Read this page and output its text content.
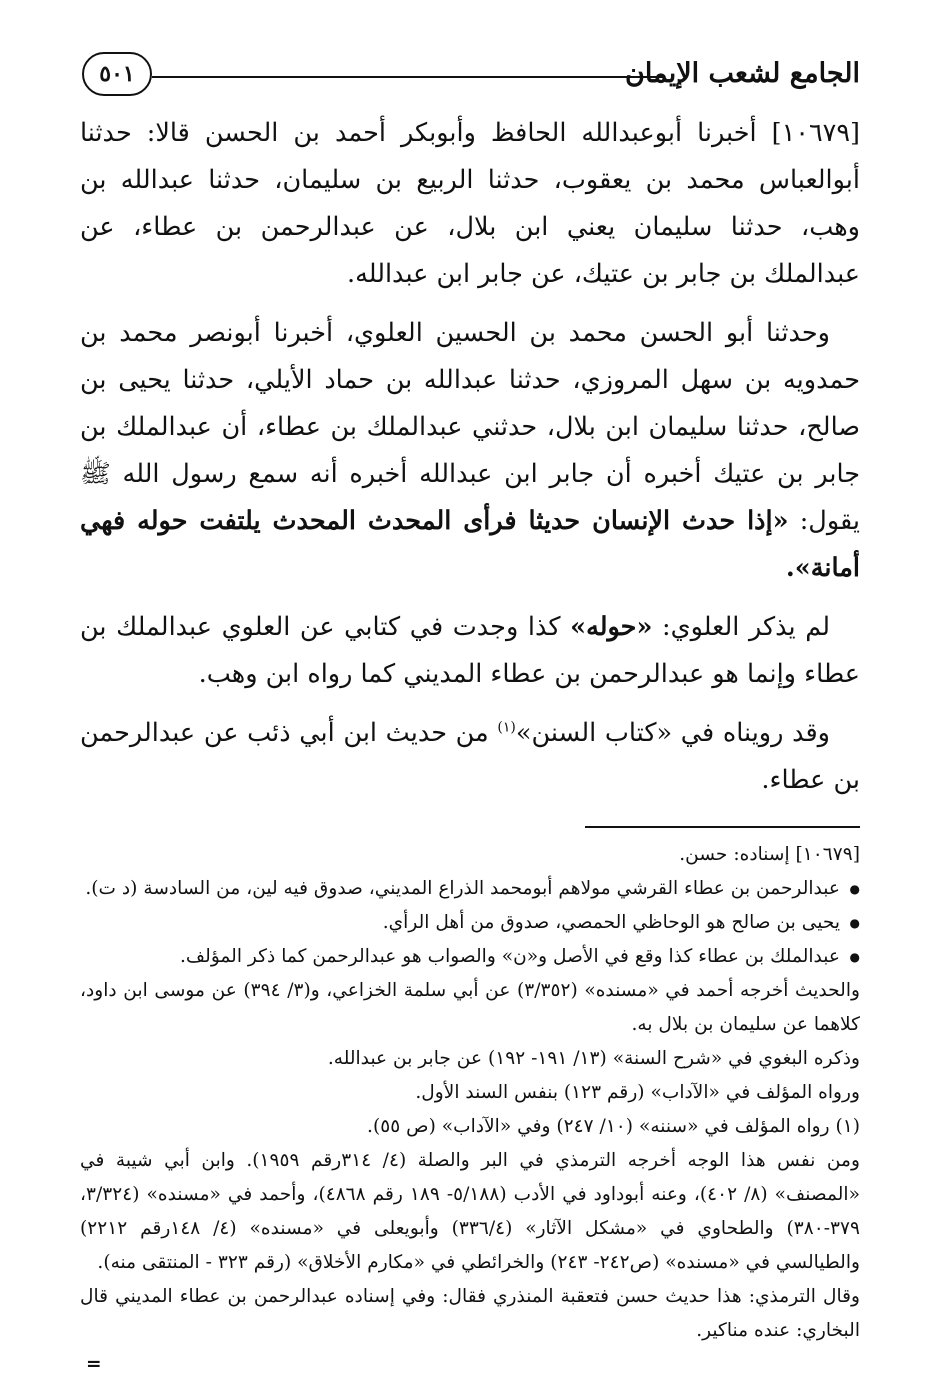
الجامع لشعب الإيمان
٥٠١

[١٠٦٧٩] أخبرنا أبوعبدالله الحافظ وأبوبكر أحمد بن الحسن قالا: حدثنا أبوالعباس محمد بن يعقوب، حدثنا الربيع بن سليمان، حدثنا عبدالله بن وهب، حدثنا سليمان يعني ابن بلال، عن عبدالرحمن بن عطاء، عن عبدالملك بن جابر بن عتيك، عن جابر ابن عبدالله.

وحدثنا أبو الحسن محمد بن الحسين العلوي، أخبرنا أبونصر محمد بن حمدويه بن سهل المروزي، حدثنا عبدالله بن حماد الأيلي، حدثنا يحيى بن صالح، حدثنا سليمان ابن بلال، حدثني عبدالملك بن عطاء، أن عبدالملك بن جابر بن عتيك أخبره أن جابر ابن عبدالله أخبره أنه سمع رسول الله ﷺ يقول: «إذا حدث الإنسان حديثا فرأى المحدث المحدث يلتفت حوله فهي أمانة».

لم يذكر العلوي: «حوله» كذا وجدت في كتابي عن العلوي عبدالملك بن عطاء وإنما هو عبدالرحمن بن عطاء المديني كما رواه ابن وهب.

وقد رويناه في «كتاب السنن»$^{(١)}$ من حديث ابن أبي ذئب عن عبدالرحمن بن عطاء.

[١٠٦٧٩] إسناده: حسن.

● عبدالرحمن بن عطاء القرشي مولاهم أبومحمد الذراع المديني، صدوق فيه لين، من السادسة (د ت).

● يحيى بن صالح هو الوحاظي الحمصي، صدوق من أهل الرأي.

● عبدالملك بن عطاء كذا وقع في الأصل و«ن» والصواب هو عبدالرحمن كما ذكر المؤلف.

والحديث أخرجه أحمد في «مسنده» (٣/٣٥٢) عن أبي سلمة الخزاعي، و(٣/ ٣٩٤) عن موسى ابن داود، كلاهما عن سليمان بن بلال به.

وذكره البغوي في «شرح السنة» (١٣/ ١٩١- ١٩٢) عن جابر بن عبدالله.

ورواه المؤلف في «الآداب» (رقم ١٢٣) بنفس السند الأول.

(١) رواه المؤلف في «سننه» (١٠/ ٢٤٧) وفي «الآداب» (ص ٥٥).

ومن نفس هذا الوجه أخرجه الترمذي في البر والصلة (٤/ ٣١٤رقم ١٩٥٩). وابن أبي شيبة في «المصنف» (٨/ ٤٠٢)، وعنه أبوداود في الأدب (٥/١٨٨- ١٨٩ رقم ٤٨٦٨)، وأحمد في «مسنده» (٣/٣٢٤، ٣٧٩-٣٨٠) والطحاوي في «مشكل الآثار» (٣٣٦/٤) وأبويعلى في «مسنده» (٤/ ١٤٨رقم ٢٢١٢) والطيالسي في «مسنده» (ص٢٤٢- ٢٤٣) والخرائطي في «مكارم الأخلاق» (رقم ٣٢٣ - المنتقى منه).

وقال الترمذي: هذا حديث حسن فتعقبة المنذري فقال: وفي إسناده عبدالرحمن بن عطاء المديني قال البخاري: عنده مناكير.

=
